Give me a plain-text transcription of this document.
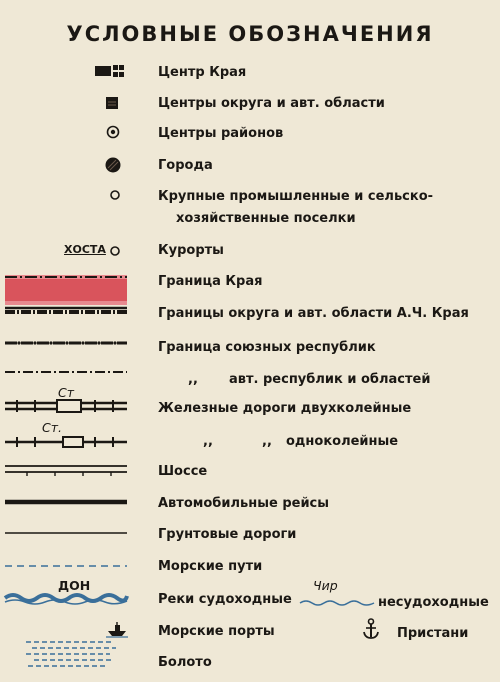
УСЛОВНЫЕ ОБОЗНАЧЕНИЯ
Центр Края
Центры округа и авт. области
Центры районов
Города
Крупные промышленные и сельско-
хозяйственные поселки
ХОСТА	Курорты
Граница Края
Границы округа и авт. области А.Ч. Края
Граница союзных республик
,, авт. республик и областей
Ст
Железные дороги двухколейные
Ст.
,,	,, одноколейные
Шоссе
Автомобильные рейсы
Грунтовые дороги
Морские пути
ДОН
Реки судоходные
Чир
несудоходные
Морские порты	Пристани
Болото
